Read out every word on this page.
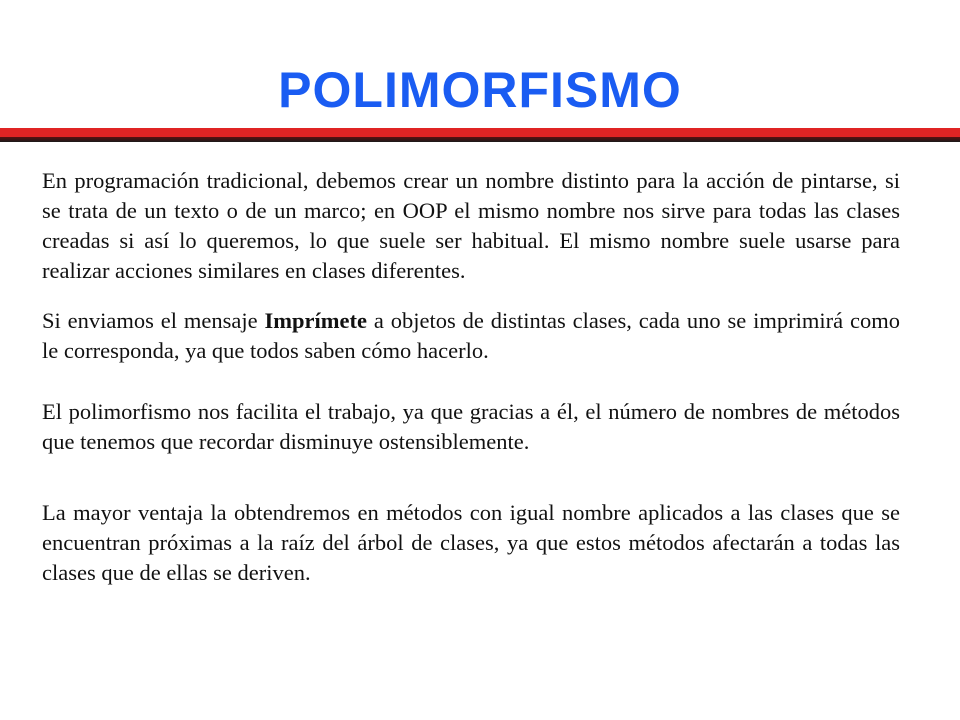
POLIMORFISMO

En programación tradicional, debemos crear un nombre distinto para la acción de pintarse, si se trata de un texto o de un marco; en OOP el mismo nombre nos sirve para todas las clases creadas si así lo queremos, lo que suele ser habitual. El mismo nombre suele usarse para realizar acciones similares en clases diferentes.

Si enviamos el mensaje Imprímete a objetos de distintas clases, cada uno se imprimirá como le corresponda, ya que todos saben cómo hacerlo.

El polimorfismo nos facilita el trabajo, ya que gracias a él, el número de nombres de métodos que tenemos que recordar disminuye ostensiblemente.

La mayor ventaja la obtendremos en métodos con igual nombre aplicados a las clases que se encuentran próximas a la raíz del árbol de clases, ya que estos métodos afectarán a todas las clases que de ellas se deriven.
